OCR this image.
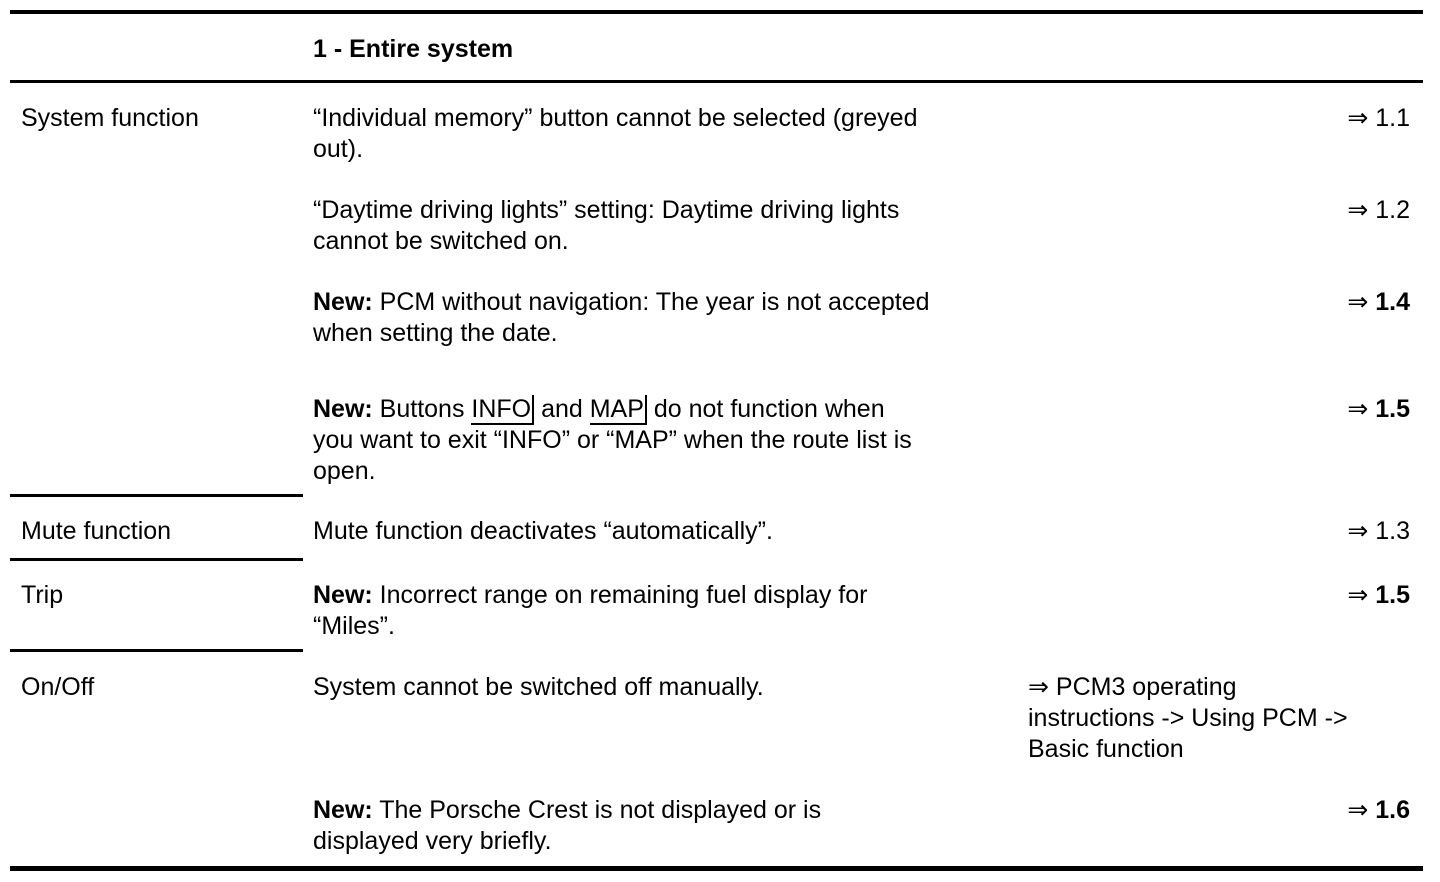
1 - Entire system
System function
Mute function
Trip
On/Off
“Individual memory” button cannot be selected (greyed
out).
⇒ 1.1
“Daytime driving lights” setting: Daytime driving lights
cannot be switched on.
⇒ 1.2
New: PCM without navigation: The year is not accepted
when setting the date.
⇒ 1.4
New: Buttons INFO and MAP do not function when
you want to exit “INFO” or “MAP” when the route list is
open.
⇒ 1.5
Mute function deactivates “automatically”.	⇒ 1.3
New: Incorrect range on remaining fuel display for
“Miles”.
⇒ 1.5
System cannot be switched off manually.	⇒ PCM3 operating
instructions -> Using PCM ->
Basic function
New: The Porsche Crest is not displayed or is
displayed very briefly.
⇒ 1.6
